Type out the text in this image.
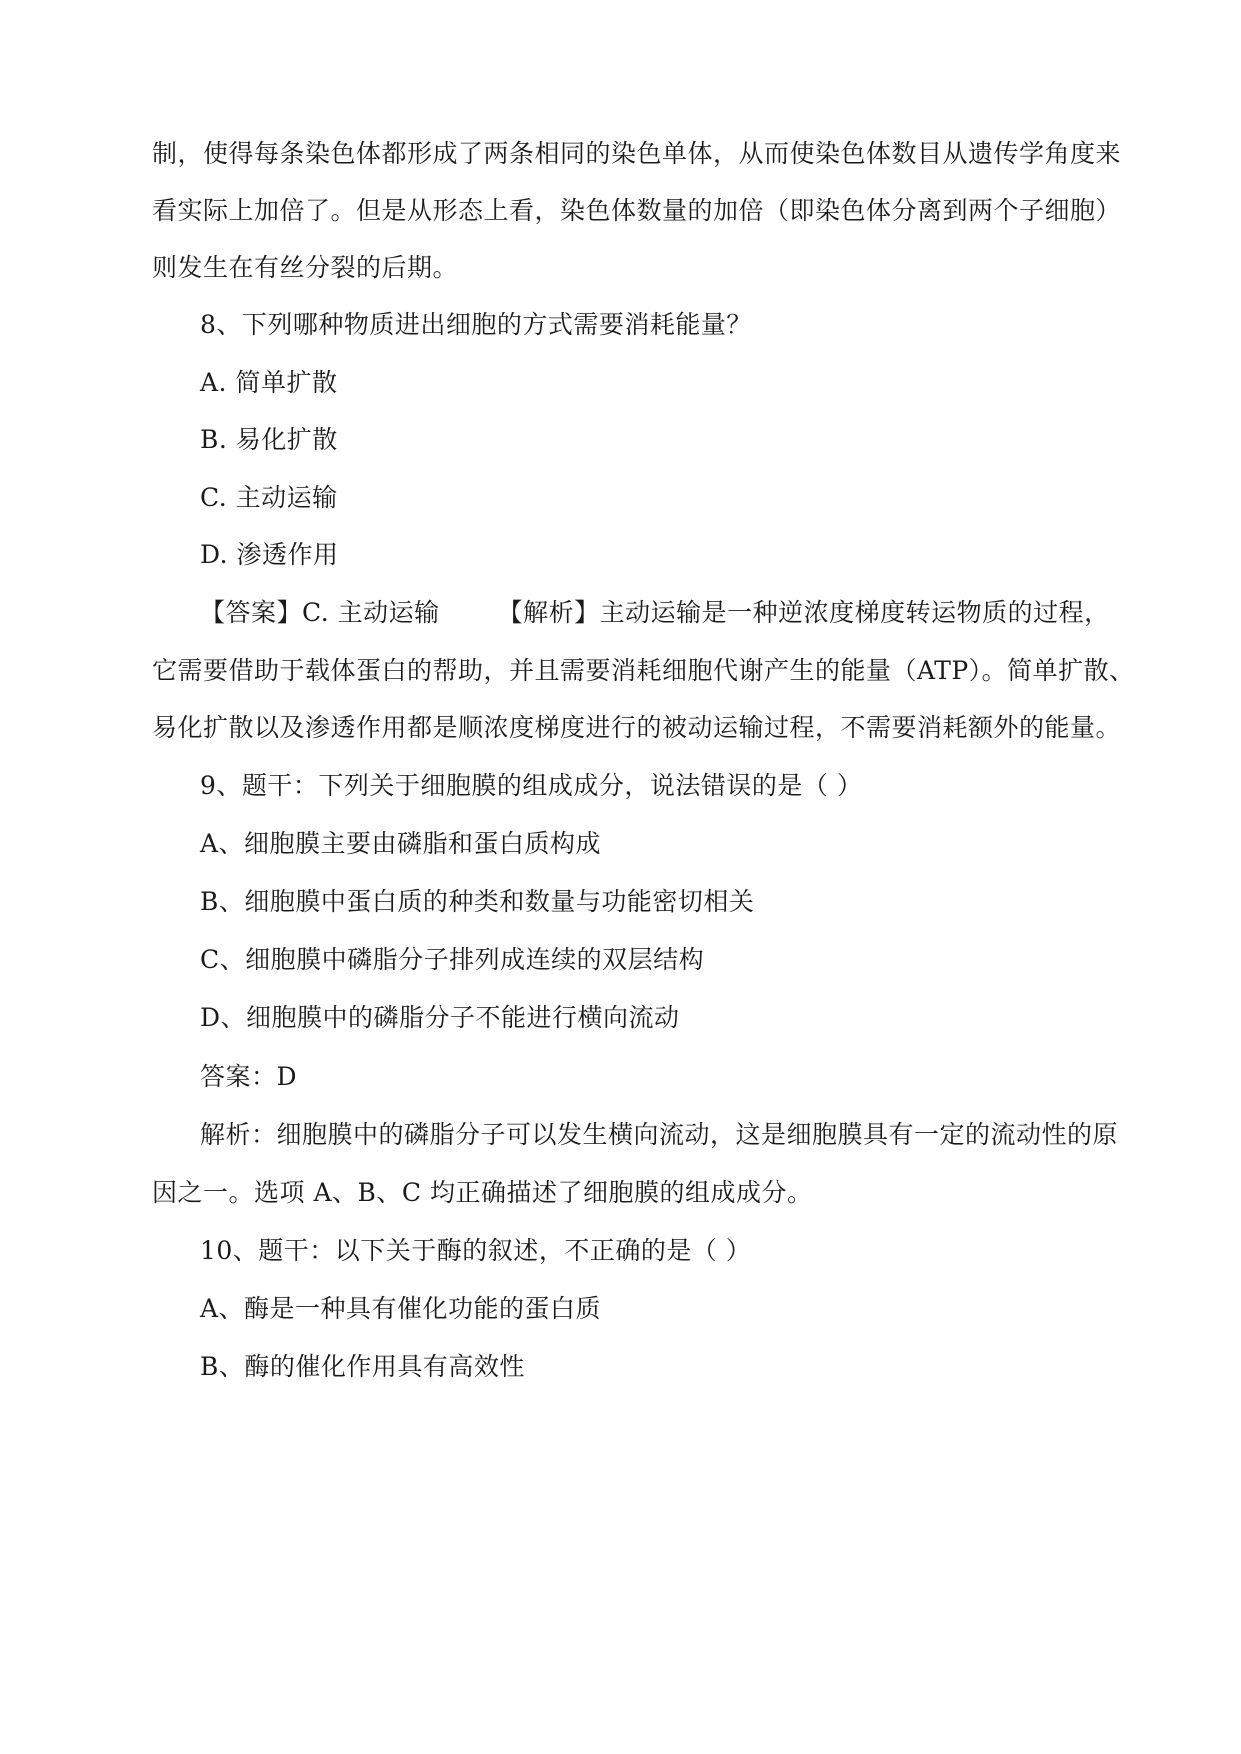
制，使得每条染色体都形成了两条相同的染色单体，从而使染色体数目从遗传学角度来
看实际上加倍了。但是从形态上看，染色体数量的加倍（即染色体分离到两个子细胞）
则发生在有丝分裂的后期。
8、下列哪种物质进出细胞的方式需要消耗能量？
A. 简单扩散
B. 易化扩散
C. 主动运输
D. 渗透作用
【答案】C. 主动运输 【解析】主动运输是一种逆浓度梯度转运物质的过程，
它需要借助于载体蛋白的帮助，并且需要消耗细胞代谢产生的能量（ATP）。简单扩散、
易化扩散以及渗透作用都是顺浓度梯度进行的被动运输过程，不需要消耗额外的能量。
9、题干：下列关于细胞膜的组成成分，说法错误的是（ ）
A、细胞膜主要由磷脂和蛋白质构成
B、细胞膜中蛋白质的种类和数量与功能密切相关
C、细胞膜中磷脂分子排列成连续的双层结构
D、细胞膜中的磷脂分子不能进行横向流动
答案：D
解析：细胞膜中的磷脂分子可以发生横向流动，这是细胞膜具有一定的流动性的原
因之一。选项 A、B、C 均正确描述了细胞膜的组成成分。
10、题干：以下关于酶的叙述，不正确的是（ ）
A、酶是一种具有催化功能的蛋白质
B、酶的催化作用具有高效性
